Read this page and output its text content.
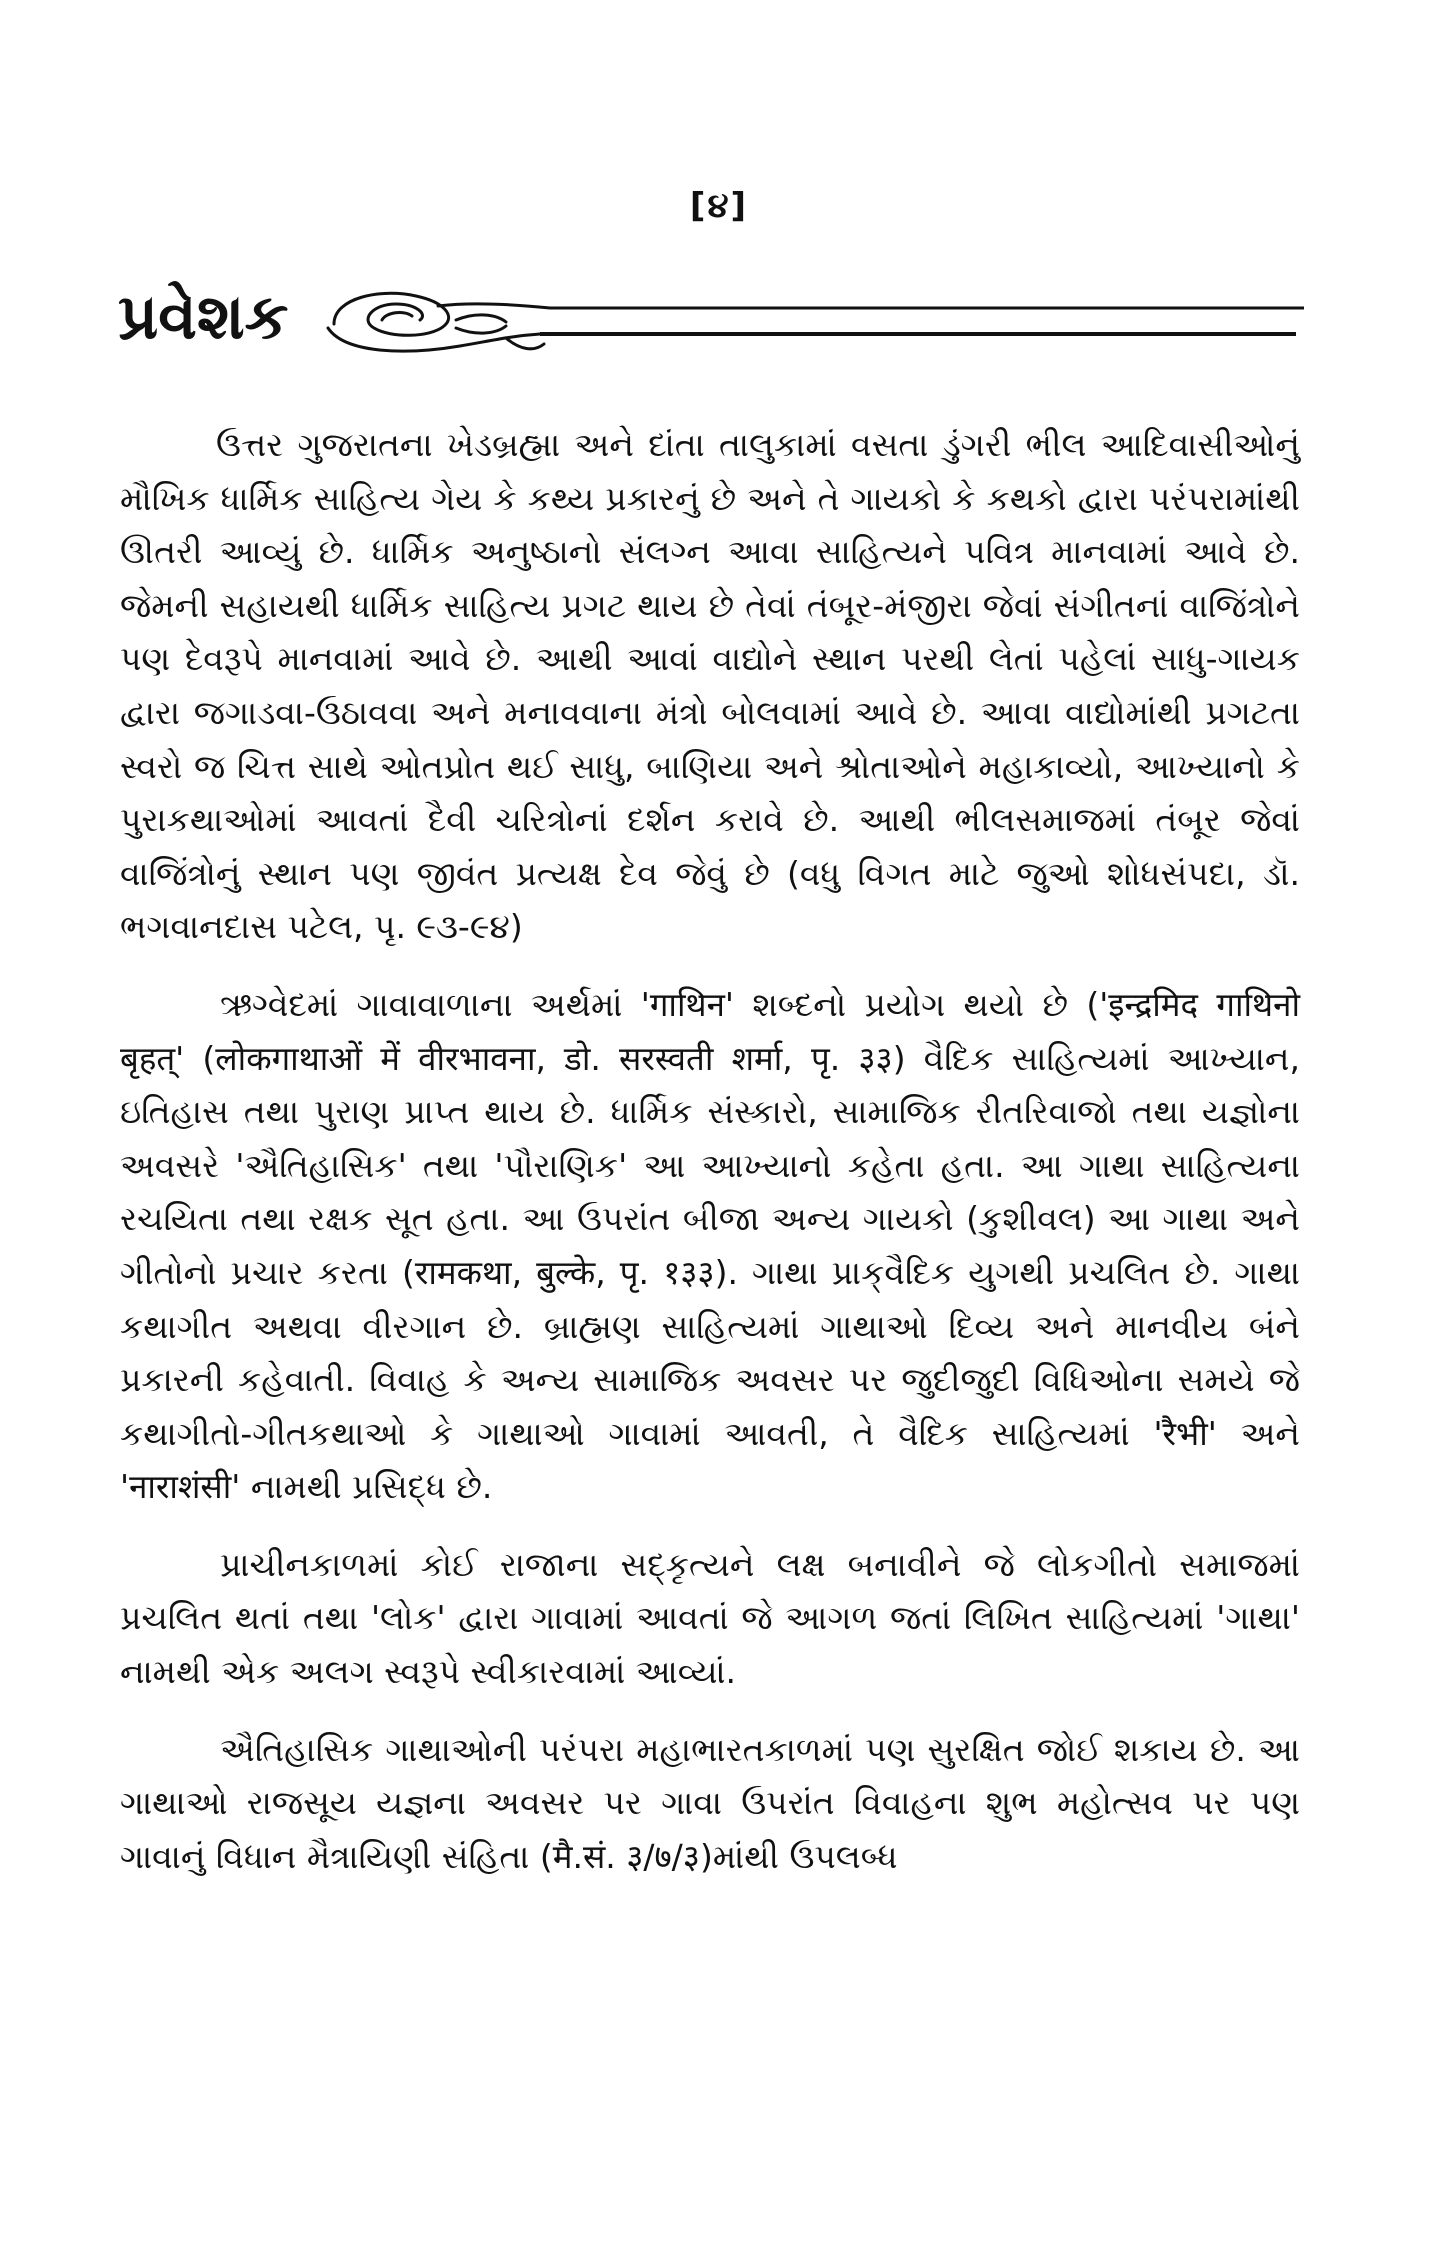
[૪]
પ્રવેશક

ઉત્તર ગુજરાતના ખેડબ્રહ્મા અને દાંતા તાલુકામાં વસતા ડુંગરી ભીલ આદિવાસીઓનું મૌખિક ધાર્મિક સાહિત્ય ગેય કે કથ્ય પ્રકારનું છે અને તે ગાયકો કે કથકો દ્વારા પરંપરામાંથી ઊતરી આવ્યું છે. ધાર્મિક અનુષ્ઠાનો સંલગ્ન આવા સાહિત્યને પવિત્ર માનવામાં આવે છે. જેમની સહાયથી ધાર્મિક સાહિત્ય પ્રગટ થાય છે તેવાં તંબૂર-મંજીરા જેવાં સંગીતનાં વાજિંત્રોને પણ દેવરૂપે માનવામાં આવે છે. આથી આવાં વાદ્યોને સ્થાન પરથી લેતાં પહેલાં સાધુ-ગાયક દ્વારા જગાડવા-ઉઠાવવા અને મનાવવાના મંત્રો બોલવામાં આવે છે. આવા વાદ્યોમાંથી પ્રગટતા સ્વરો જ ચિત્ત સાથે ઓતપ્રોત થઈ સાધુ, બાણિયા અને શ્રોતાઓને મહાકાવ્યો, આખ્યાનો કે પુરાકથાઓમાં આવતાં દૈવી ચરિત્રોનાં દર્શન કરાવે છે. આથી ભીલસમાજમાં તંબૂર જેવાં વાજિંત્રોનું સ્થાન પણ જીવંત પ્રત્યક્ષ દેવ જેવું છે (વધુ વિગત માટે જુઓ શોધસંપદા, ડૉ. ભગવાનદાસ પટેલ, પૃ. ૯૩-૯૪)

ઋગ્વેદમાં ગાવાવાળાના અર્થમાં 'गाथिन' શબ્દનો પ્રયોગ થયો છે ('इन्द्रमिद गाथिनो बृहत्' (लोकगाथाओं में वीरभावना, डो. सरस्वती शर्मा, पृ. ३३) વૈદિક સાહિત્યમાં આખ્યાન, ઇતિહાસ તથા પુરાણ પ્રાપ્ત થાય છે. ધાર્મિક સંસ્કારો, સામાજિક રીતરિવાજો તથા યજ્ઞોના અવસરે 'ઐતિહાસિક' તથા 'પૌરાણિક' આ આખ્યાનો કહેતા હતા. આ ગાથા સાહિત્યના રચયિતા તથા રક્ષક સૂત હતા. આ ઉપરાંત બીજા અન્ય ગાયકો (કુશીવલ) આ ગાથા અને ગીતોનો પ્રચાર કરતા (रामकथा, बुल्के, पृ. १३३). ગાથા પ્રાક્‌વૈદિક યુગથી પ્રચલિત છે. ગાથા કથાગીત અથવા વીરગાન છે. બ્રાહ્મણ સાહિત્યમાં ગાથાઓ દિવ્ય અને માનવીય બંને પ્રકારની કહેવાતી. વિવાહ કે અન્ય સામાજિક અવસર પર જુદીજુદી વિધિઓના સમયે જે કથાગીતો-ગીતકથાઓ કે ગાથાઓ ગાવામાં આવતી, તે વૈદિક સાહિત્યમાં 'रैभी' અને 'नाराशंसी' નામથી પ્રસિદ્ધ છે.

પ્રાચીનકાળમાં કોઈ રાજાના સદ્‌કૃત્યને લક્ષ બનાવીને જે લોકગીતો સમાજમાં પ્રચલિત થતાં તથા 'લોક' દ્વારા ગાવામાં આવતાં જે આગળ જતાં લિખિત સાહિત્યમાં 'ગાથા' નામથી એક અલગ સ્વરૂપે સ્વીકારવામાં આવ્યાં.

ઐતિહાસિક ગાથાઓની પરંપરા મહાભારતકાળમાં પણ સુરક્ષિત જોઈ શકાય છે. આ ગાથાઓ રાજસૂય યજ્ઞના અવસર પર ગાવા ઉપરાંત વિવાહના શુભ મહોત્સવ પર પણ ગાવાનું વિધાન મૈત્રાયિણી સંહિતા (मै.सं. ३/७/३)માંથી ઉપલબ્ધ
